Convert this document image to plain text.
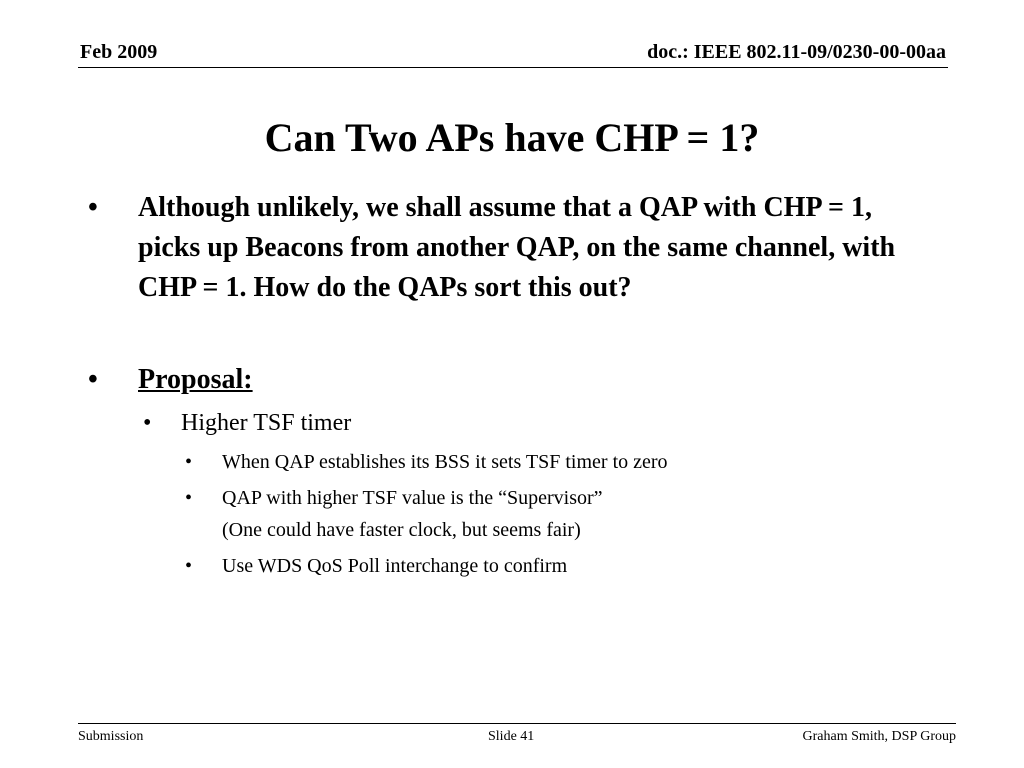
Feb 2009	doc.: IEEE 802.11-09/0230-00-00aa
Can Two APs have CHP = 1?
• Although unlikely, we shall assume that a QAP with CHP = 1, picks up Beacons from another QAP, on the same channel, with CHP = 1. How do the QAPs sort this out?
• Proposal:
• Higher TSF timer
• When QAP establishes its BSS it sets TSF timer to zero
• QAP with higher TSF value is the “Supervisor”
(One could have faster clock, but seems fair)
• Use WDS QoS Poll interchange to confirm
Submission	Slide 41	Graham Smith, DSP Group
